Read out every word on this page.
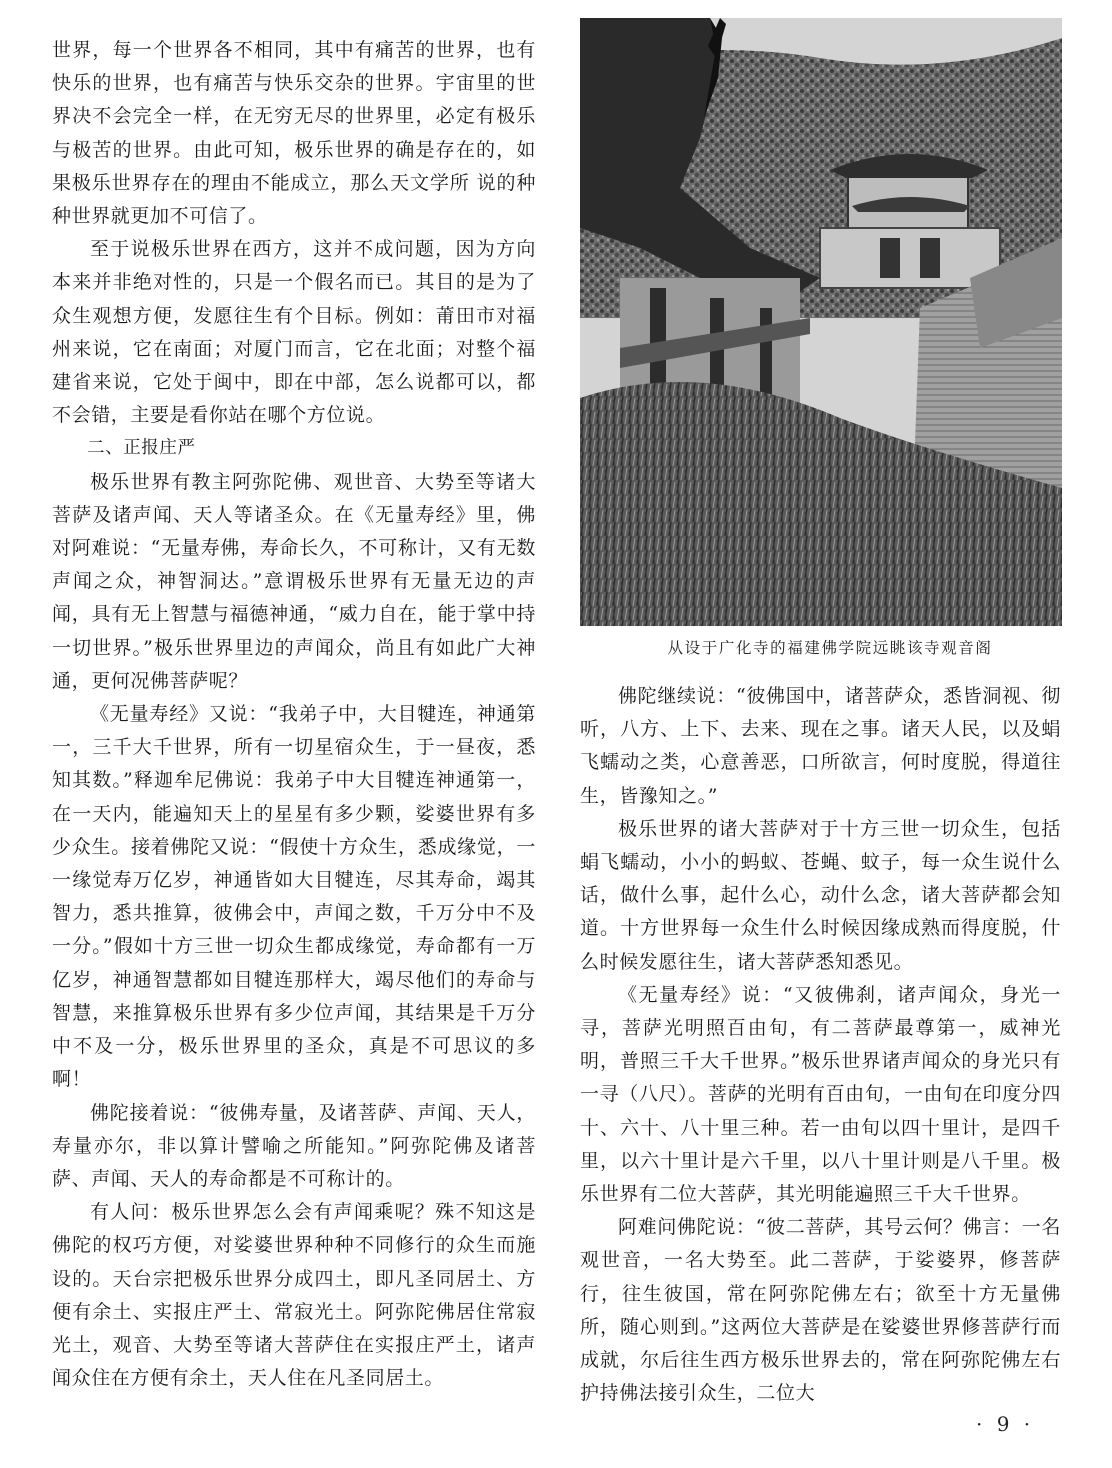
世界，每一个世界各不相同，其中有痛苦的世界，也有快乐的世界，也有痛苦与快乐交杂的世界。宇宙里的世界决不会完全一样，在无穷无尽的世界里，必定有极乐与极苦的世界。由此可知，极乐世界的确是存在的，如果极乐世界存在的理由不能成立，那么天文学所 说的种种世界就更加不可信了。

至于说极乐世界在西方，这并不成问题，因为方向本来并非绝对性的，只是一个假名而已。其目的是为了众生观想方便，发愿往生有个目标。例如：莆田市对福州来说，它在南面；对厦门而言，它在北面；对整个福建省来说，它处于闽中，即在中部，怎么说都可以，都不会错，主要是看你站在哪个方位说。

二、正报庄严

极乐世界有教主阿弥陀佛、观世音、大势至等诸大菩萨及诸声闻、天人等诸圣众。在《无量寿经》里，佛对阿难说：“无量寿佛，寿命长久，不可称计，又有无数声闻之众，神智洞达。”意谓极乐世界有无量无边的声闻，具有无上智慧与福德神通，“威力自在，能于掌中持一切世界。”极乐世界里边的声闻众，尚且有如此广大神通，更何况佛菩萨呢？

《无量寿经》又说：“我弟子中，大目犍连，神通第一，三千大千世界，所有一切星宿众生，于一昼夜，悉知其数。”释迦牟尼佛说：我弟子中大目犍连神通第一，在一天内，能遍知天上的星星有多少颗，娑婆世界有多少众生。接着佛陀又说：“假使十方众生，悉成缘觉，一一缘觉寿万亿岁，神通皆如大目犍连，尽其寿命，竭其智力，悉共推算，彼佛会中，声闻之数，千万分中不及一分。”假如十方三世一切众生都成缘觉，寿命都有一万亿岁，神通智慧都如目犍连那样大，竭尽他们的寿命与智慧，来推算极乐世界有多少位声闻，其结果是千万分中不及一分，极乐世界里的圣众，真是不可思议的多啊！

佛陀接着说：“彼佛寿量，及诸菩萨、声闻、天人，寿量亦尔，非以算计譬喻之所能知。”阿弥陀佛及诸菩萨、声闻、天人的寿命都是不可称计的。

有人问：极乐世界怎么会有声闻乘呢？殊不知这是佛陀的权巧方便，对娑婆世界种种不同修行的众生而施设的。天台宗把极乐世界分成四土，即凡圣同居土、方便有余土、实报庄严土、常寂光土。阿弥陀佛居住常寂光土，观音、大势至等诸大菩萨住在实报庄严土，诸声闻众住在方便有余土，天人住在凡圣同居土。

从设于广化寺的福建佛学院远眺该寺观音阁

佛陀继续说：“彼佛国中，诸菩萨众，悉皆洞视、彻听，八方、上下、去来、现在之事。诸天人民，以及蜎飞蠕动之类，心意善恶，口所欲言，何时度脱，得道往生，皆豫知之。”

极乐世界的诸大菩萨对于十方三世一切众生，包括蜎飞蠕动，小小的蚂蚁、苍蝇、蚊子，每一众生说什么话，做什么事，起什么心，动什么念，诸大菩萨都会知道。十方世界每一众生什么时候因缘成熟而得度脱，什么时候发愿往生，诸大菩萨悉知悉见。

《无量寿经》说：“又彼佛刹，诸声闻众，身光一寻，菩萨光明照百由旬，有二菩萨最尊第一，威神光明，普照三千大千世界。”极乐世界诸声闻众的身光只有一寻（八尺）。菩萨的光明有百由旬，一由旬在印度分四十、六十、八十里三种。若一由旬以四十里计，是四千里，以六十里计是六千里，以八十里计则是八千里。极乐世界有二位大菩萨，其光明能遍照三千大千世界。

阿难问佛陀说：“彼二菩萨，其号云何？佛言：一名观世音，一名大势至。此二菩萨，于娑婆界，修菩萨行，往生彼国，常在阿弥陀佛左右；欲至十方无量佛所，随心则到。”这两位大菩萨是在娑婆世界修菩萨行而成就，尔后往生西方极乐世界去的，常在阿弥陀佛左右护持佛法接引众生，二位大

· 9 ·
